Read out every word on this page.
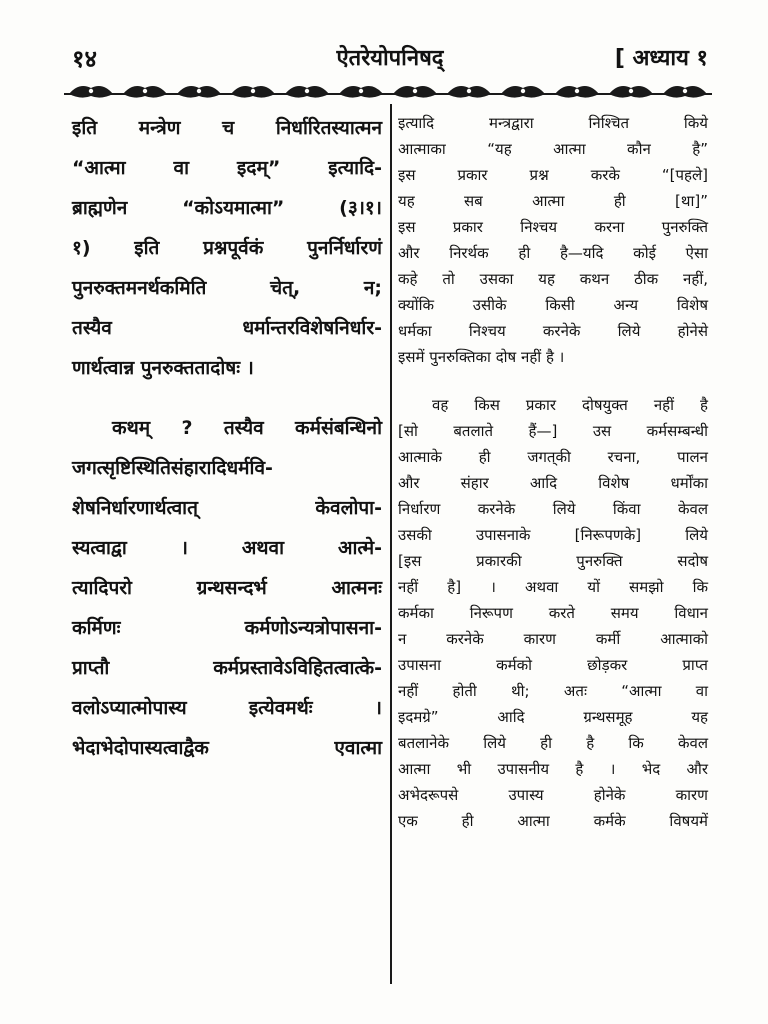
१४	ऐतरेयोपनिषद्	[ अध्याय १
इति मन्त्रेण च निर्धारितस्यात्मन
“आत्मा वा इदम्” इत्यादि-
ब्राह्मणेन “कोऽयमात्मा” (३।१।
१) इति प्रश्नपूर्वकं पुनर्निर्धारणं
पुनरुक्तमनर्थकमिति चेत्, न;
तस्यैव धर्मान्तरविशेषनिर्धार-
णार्थत्वान्न पुनरुक्ततादोषः ।
कथम् ? तस्यैव कर्मसंबन्धिनो
जगत्सृष्टिस्थितिसंहारादिधर्मवि-
शेषनिर्धारणार्थत्वात् केवलोपा-
स्यत्वाद्वा । अथवा आत्मे-
त्यादिपरो ग्रन्थसन्दर्भ आत्मनः
कर्मिणः कर्मणोऽन्यत्रोपासना-
प्राप्तौ कर्मप्रस्तावेऽविहितत्वात्के-
वलोऽप्यात्मोपास्य इत्येवमर्थः ।
भेदाभेदोपास्यत्वाद्वैक एवात्मा
इत्यादि मन्त्रद्वारा निश्चित किये
आत्माका “यह आत्मा कौन है”
इस प्रकार प्रश्न करके “[पहले]
यह सब आत्मा ही [था]”
इस प्रकार निश्चय करना पुनरुक्ति
और निरर्थक ही है—यदि कोई ऐसा
कहे तो उसका यह कथन ठीक नहीं,
क्योंकि उसीके किसी अन्य विशेष
धर्मका निश्चय करनेके लिये होनेसे
इसमें पुनरुक्तिका दोष नहीं है ।
वह किस प्रकार दोषयुक्त नहीं है
[सो बतलाते हैं—] उस कर्मसम्बन्धी
आत्माके ही जगत्‌की रचना, पालन
और संहार आदि विशेष धर्मोंका
निर्धारण करनेके लिये किंवा केवल
उसकी उपासनाके [निरूपणके] लिये
[इस प्रकारकी पुनरुक्ति सदोष
नहीं है] । अथवा यों समझो कि
कर्मका निरूपण करते समय विधान
न करनेके कारण कर्मी आत्माको
उपासना कर्मको छोड़कर प्राप्त
नहीं होती थी; अतः “आत्मा वा
इदमग्रे” आदि ग्रन्थसमूह यह
बतलानेके लिये ही है कि केवल
आत्मा भी उपासनीय है । भेद और
अभेदरूपसे उपास्य होनेके कारण
एक ही आत्मा कर्मके विषयमें
